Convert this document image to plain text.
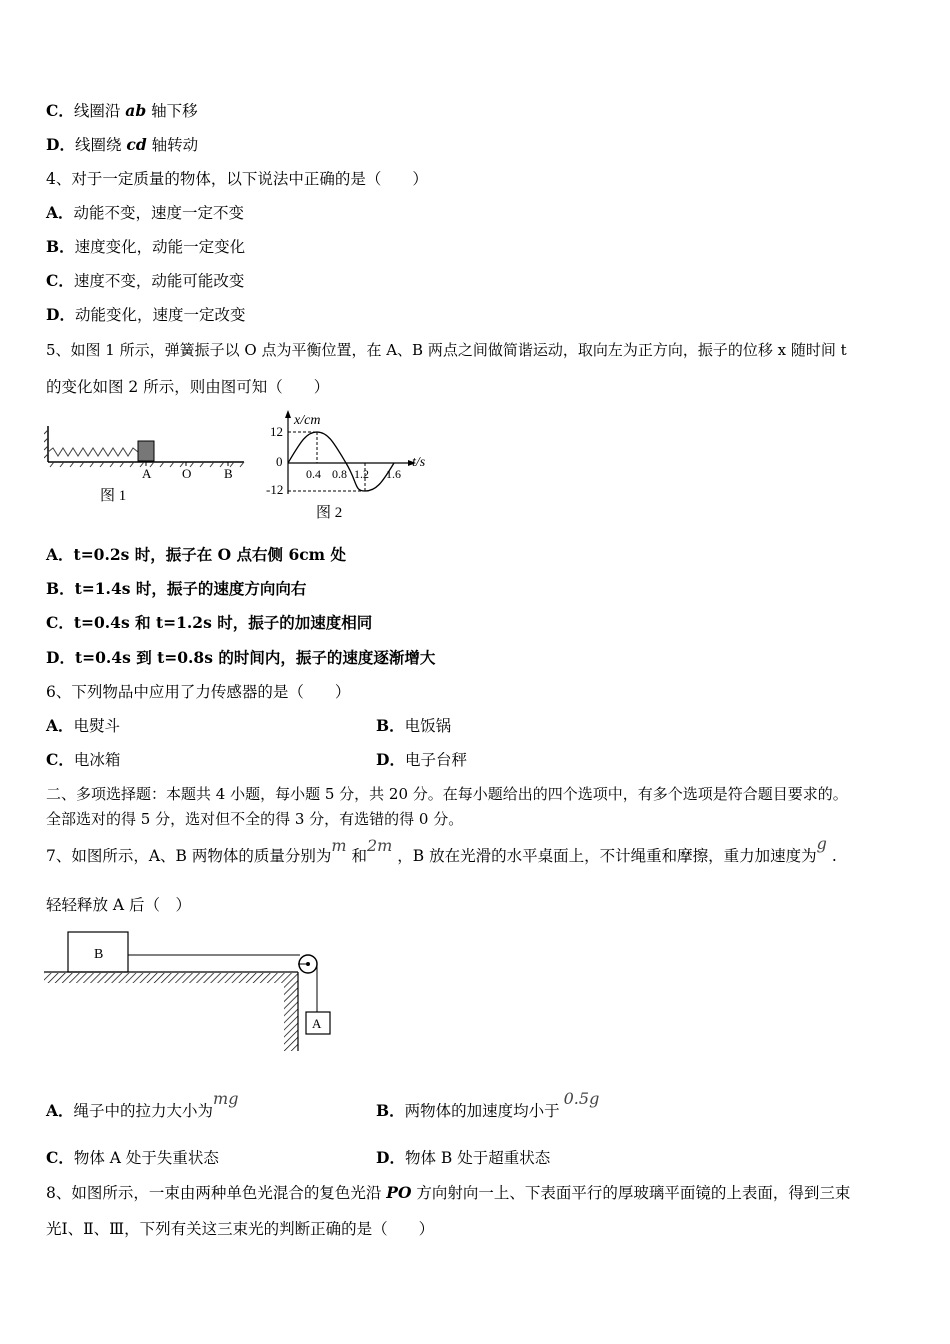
C．线圈沿 ab 轴下移
D．线圈绕 cd 轴转动
4、对于一定质量的物体，以下说法中正确的是（　　）
A．动能不变，速度一定不变
B．速度变化，动能一定变化
C．速度不变，动能可能改变
D．动能变化，速度一定改变
5、如图 1 所示，弹簧振子以 O 点为平衡位置，在 A、B 两点之间做简谐运动，取向左为正方向，振子的位移 x 随时间 t
的变化如图 2 所示，则由图可知（　　）
A O	B
图 1
x/cm
t/s
12
-12
0
0.4 0.8 1.2 1.6
图 2
A．t=0.2s 时，振子在 O 点右侧 6cm 处
B．t=1.4s 时，振子的速度方向向右
C．t=0.4s 和 t=1.2s 时，振子的加速度相同
D．t=0.4s 到 t=0.8s 的时间内，振子的速度逐渐增大
6、下列物品中应用了力传感器的是（　　）
A．电熨斗	B．电饭锅
C．电冰箱	D．电子台秤
二、多项选择题：本题共 4 小题，每小题 5 分，共 20 分。在每小题给出的四个选项中，有多个选项是符合题目要求的。
全部选对的得 5 分，选对但不全的得 3 分，有选错的得 0 分。
7、如图所示，A、B 两物体的质量分别为m 和2m ，B 放在光滑的水平桌面上，不计绳重和摩擦，重力加速度为g .
轻轻释放 A 后（　）
B
A
A．绳子中的拉力大小为mg
B．两物体的加速度均小于0.5g
C．物体 A 处于失重状态	D．物体 B 处于超重状态
8、如图所示，一束由两种单色光混合的复色光沿 PO 方向射向一上、下表面平行的厚玻璃平面镜的上表面，得到三束
光Ⅰ、Ⅱ、Ⅲ，下列有关这三束光的判断正确的是（　　）
